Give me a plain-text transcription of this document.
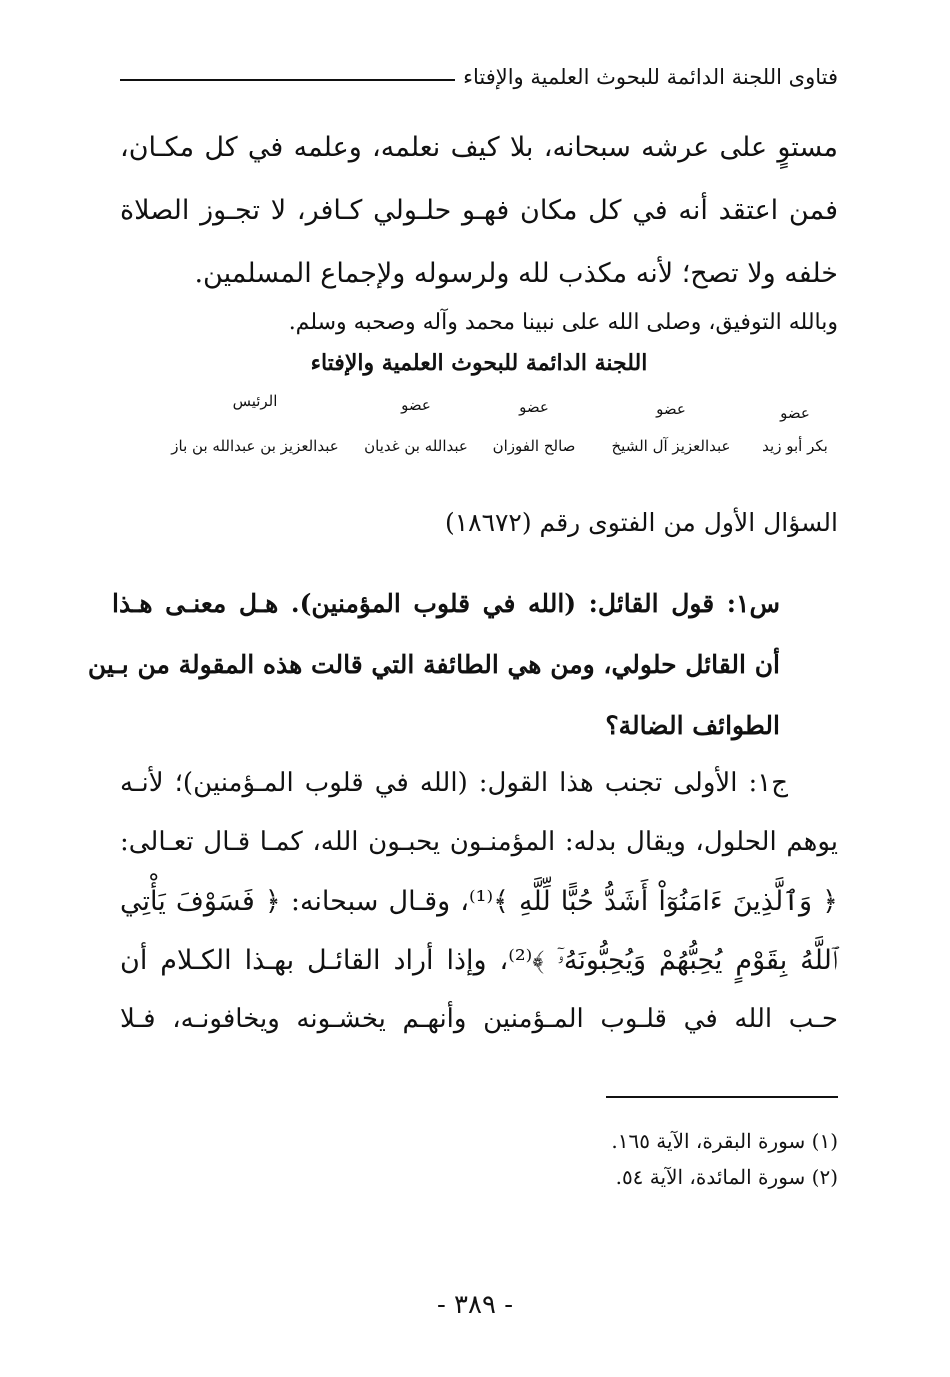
فتاوى اللجنة الدائمة للبحوث العلمية والإفتاء
مستوٍ على عرشه سبحانه، بلا كيف نعلمه، وعلمه في كل مكـان،
فمن اعتقد أنه في كل مكان فهـو حلـولي كـافر، لا تجـوز الصلاة
خلفه ولا تصح؛ لأنه مكذب لله ولرسوله ولإجماع المسلمين.
وبالله التوفيق، وصلى الله على نبينا محمد وآله وصحبه وسلم.
اللجنة الدائمة للبحوث العلمية والإفتاء
عضو
بكر أبو زيد
عضو
عبدالعزيز آل الشيخ
عضو
صالح الفوزان
عضو
عبدالله بن غديان
الرئيس
عبدالعزيز بن عبدالله بن باز
السؤال الأول من الفتوى رقم (١٨٦٧٢)
س١: قول القائل: (الله في قلوب المؤمنين). هـل معنـى هـذا
أن القائل حلولي، ومن هي الطائفة التي قالت هذه المقولة من بـين
الطوائف الضالة؟
ج١: الأولى تجنب هذا القول: (الله في قلوب المـؤمنين)؛ لأنـه
يوهم الحلول، ويقال بدله: المؤمنـون يحبـون الله، كمـا قـال تعـالى:
﴿ وَٱلَّذِينَ ءَامَنُوٓاْ أَشَدُّ حُبًّا لِّلَّهِ ﴾⁽¹⁾، وقـال سبحانه: ﴿ فَسَوْفَ يَأْتِي
ٱللَّهُ بِقَوْمٍ يُحِبُّهُمْ وَيُحِبُّونَهُۥٓ ﴾⁽²⁾، وإذا أراد القائـل بهـذا الكـلام أن
حـب الله في قلـوب المـؤمنين وأنهـم يخشـونه ويخافونـه، فـلا
(١) سورة البقرة، الآية ١٦٥.
(٢) سورة المائدة، الآية ٥٤.
- ٣٨٩ -
